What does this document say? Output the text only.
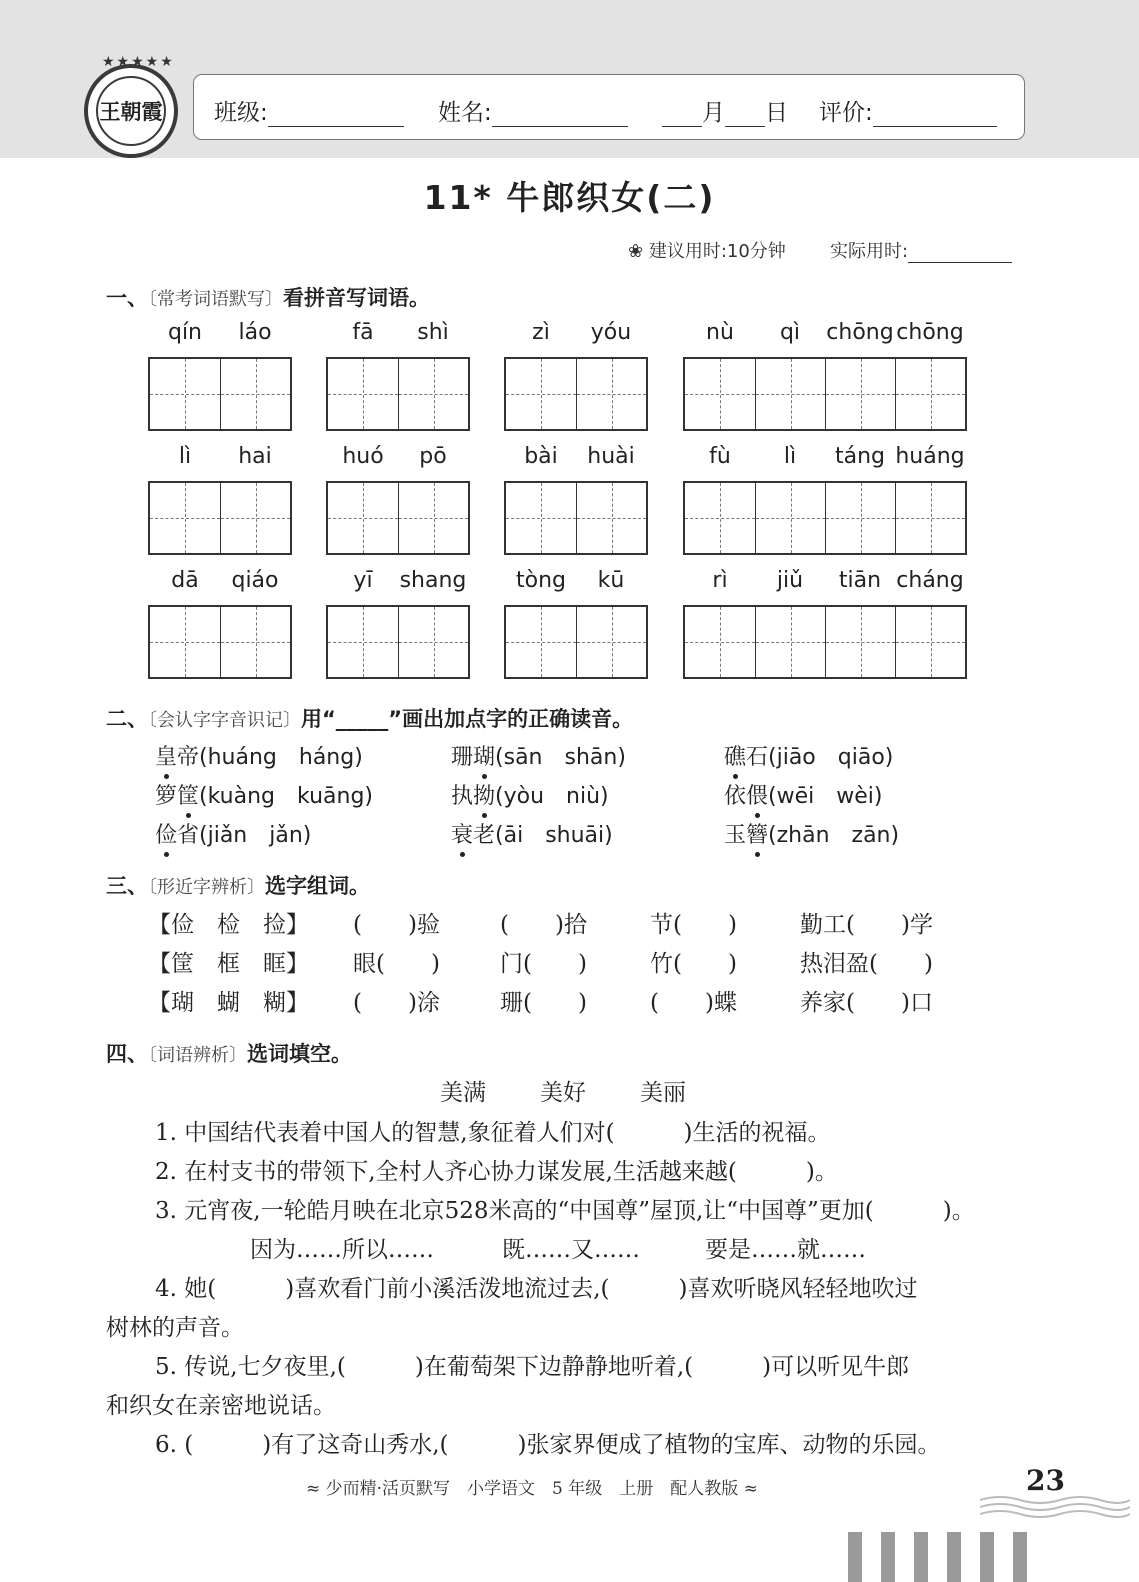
★★★★★
王朝霞 班级:	姓名:	月 日 评价:
11* 牛郎织女(二)
❀ 建议用时:10分钟 实际用时:
一、〔常考词语默写〕看拼音写词语。
qín	láo	fā	shì	zì	yóu	nù	qì	chōng chōng
lì	hai	huó	pō	bài	huài	fù	lì	táng huáng
dā	qiáo	yī	shang	tòng	kū	rì	jiǔ	tiān cháng
二、〔会认字字音识记〕用“_____”画出加点字的正确读音。
皇帝(huáng　háng)	珊瑚(sān　shān)	礁石(jiāo　qiāo)
箩筐(kuàng　kuāng)	执拗(yòu　niù)	依偎(wēi　wèi)
俭省(jiǎn　jǎn)	衰老(āi　shuāi)	玉簪(zhān　zān)
三、〔形近字辨析〕选字组词。
【俭　检　捡】 (　　)验	(　　)拾	节(　　)	勤工(　　)学
【筐　框　眶】 眼(　　)	门(　　)	竹(　　)	热泪盈(　　)
【瑚　蝴　糊】 (　　)涂	珊(　　)	(　　)蝶	养家(　　)口
四、〔词语辨析〕选词填空。
美满 美好 美丽
1. 中国结代表着中国人的智慧,象征着人们对(　　　)生活的祝福。
2. 在村支书的带领下,全村人齐心协力谋发展,生活越来越(　　　)。
3. 元宵夜,一轮皓月映在北京528米高的“中国尊”屋顶,让“中国尊”更加(　　　)。
因为……所以……	既……又……	要是……就……
4. 她(　　　)喜欢看门前小溪活泼地流过去,(　　　)喜欢听晓风轻轻地吹过
树林的声音。
5. 传说,七夕夜里,(　　　)在葡萄架下边静静地听着,(　　　)可以听见牛郎
和织女在亲密地说话。
6. (　　　)有了这奇山秀水,(　　　)张家界便成了植物的宝库、动物的乐园。
≈ 少而精·活页默写　小学语文　5 年级　上册　配人教版 ≈	23
